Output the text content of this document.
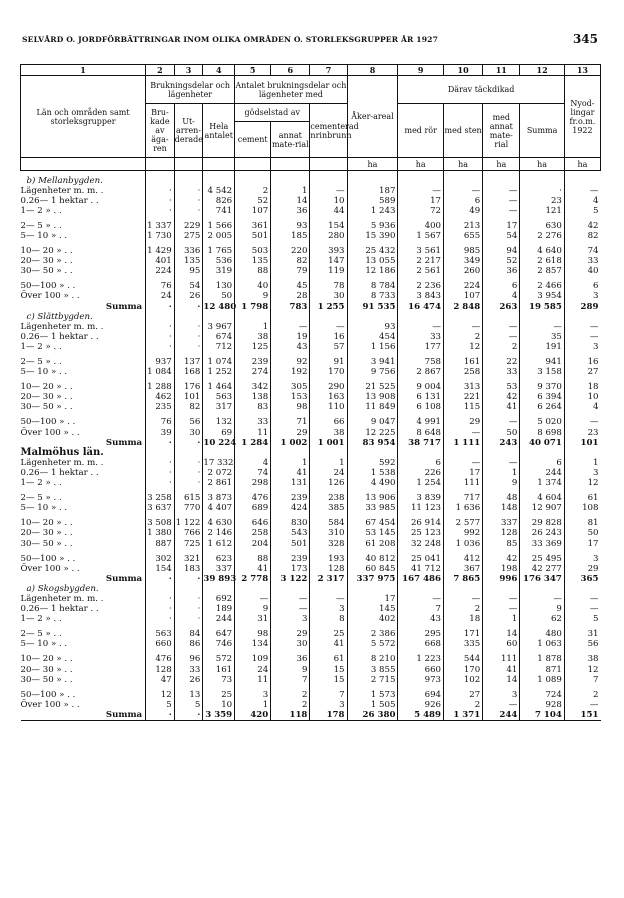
SELVÅRD O. JORDFÖRBÄTTRINGAR INOM OLIKA OMRÅDEN O. STORLEKSGRUPPER ÅR 1927	345
1	2	3	4	5	6	7	8	9	10	11	12	13
Län och områden samt storleksgrupper	Brukningsdelar och lägenheter			Antalet brukningsdelar och lägenheter med			Åker-areal	Därav täckdikad				Nyod-lingar fr.o.m. 1922
	Bru-kade av äga-ren	Ut-arren-derade	Hela antalet	gödselstad av		cementerad nrinbrunn		med rör	med sten	med annat mate-rial	Summa	
				cement	annat mate-rial							
							ha	ha	ha	ha	ha	ha

b) Mellanbygden.												
Lägenheter m. m. .	·	·	4 542	2	1	—	187	—	—	—	·	—
0.26— 1 hektar . .	·	·	826	52	14	10	589	17	6	—	23	4
1— 2 » . .	·	·	741	107	36	44	1 243	72	49	—	121	5

2— 5 » . .	1 337	229	1 566	361	93	154	5 936	400	213	17	630	42
5— 10 » . .	1 730	275	2 005	501	185	280	15 390	1 567	655	54	2 276	82

10— 20 » . .	1 429	336	1 765	503	220	393	25 432	3 561	985	94	4 640	74
20— 30 » . .	401	135	536	135	82	147	13 055	2 217	349	52	2 618	33
30— 50 » . .	224	95	319	88	79	119	12 186	2 561	260	36	2 857	40

50—100 » . .	76	54	130	40	45	78	8 784	2 236	224	6	2 466	6
Över 100 » . .	24	26	50	9	28	30	8 733	3 843	107	4	3 954	3
Summa	·	·	12 480	1 798	783	1 255	91 535	16 474	2 848	263	19 585	289
c) Slättbygden.												
Lägenheter m. m. .	·	·	3 967	1	—	—	93	—	—	—	—	—
0.26— 1 hektar . .	·	·	674	38	19	16	454	33	2	—	35	—
1— 2 » . .	·	·	712	125	43	57	1 156	177	12	2	191	3

2— 5 » . .	937	137	1 074	239	92	91	3 941	758	161	22	941	16
5— 10 » . .	1 084	168	1 252	274	192	170	9 756	2 867	258	33	3 158	27

10— 20 » . .	1 288	176	1 464	342	305	290	21 525	9 004	313	53	9 370	18
20— 30 » . .	462	101	563	138	153	163	13 908	6 131	221	42	6 394	10
30— 50 » . .	235	82	317	83	98	110	11 849	6 108	115	41	6 264	4

50—100 » . .	76	56	132	33	71	66	9 047	4 991	29	—	5 020	—
Över 100 » . .	39	30	69	11	29	38	12 225	8 648	—	50	8 698	23
Summa	·	·	10 224	1 284	1 002	1 001	83 954	38 717	1 111	243	40 071	101
Malmöhus län.												
Lägenheter m. m. .	·	·	17 332	4	1	1	592	6	—	—	6	1
0.26— 1 hektar . .	·	·	2 072	74	41	24	1 538	226	17	1	244	3
1— 2 » . .	·	·	2 861	298	131	126	4 490	1 254	111	9	1 374	12

2— 5 » . .	3 258	615	3 873	476	239	238	13 906	3 839	717	48	4 604	61
5— 10 » . .	3 637	770	4 407	689	424	385	33 985	11 123	1 636	148	12 907	108

10— 20 » . .	3 508	1 122	4 630	646	830	584	67 454	26 914	2 577	337	29 828	81
20— 30 » . .	1 380	766	2 146	258	543	310	53 145	25 123	992	128	26 243	50
30— 50 » . .	887	725	1 612	204	501	328	61 208	32 248	1 036	85	33 369	17

50—100 » . .	302	321	623	88	239	193	40 812	25 041	412	42	25 495	3
Över 100 » . .	154	183	337	41	173	128	60 845	41 712	367	198	42 277	29
Summa	·	·	39 893	2 778	3 122	2 317	337 975	167 486	7 865	996	176 347	365
a) Skogsbygden.												
Lägenheter m. m. .	·	·	692	—	—	—	17	—	—	—	—	—
0.26— 1 hektar . .	·	·	189	9	—	3	145	7	2	—	9	—
1— 2 » . .	·	·	244	31	3	8	402	43	18	1	62	5

2— 5 » . .	563	84	647	98	29	25	2 386	295	171	14	480	31
5— 10 » . .	660	86	746	134	30	41	5 572	668	335	60	1 063	56

10— 20 » . .	476	96	572	109	36	61	8 210	1 223	544	111	1 878	38
20— 30 » . .	128	33	161	24	9	15	3 855	660	170	41	871	12
30— 50 » . .	47	26	73	11	7	15	2 715	973	102	14	1 089	7

50—100 » . .	12	13	25	3	2	7	1 573	694	27	3	724	2
Över 100 » . .	5	5	10	1	2	3	1 505	926	2	—	928	—
Summa	·	·	3 359	420	118	178	26 380	5 489	1 371	244	7 104	151
